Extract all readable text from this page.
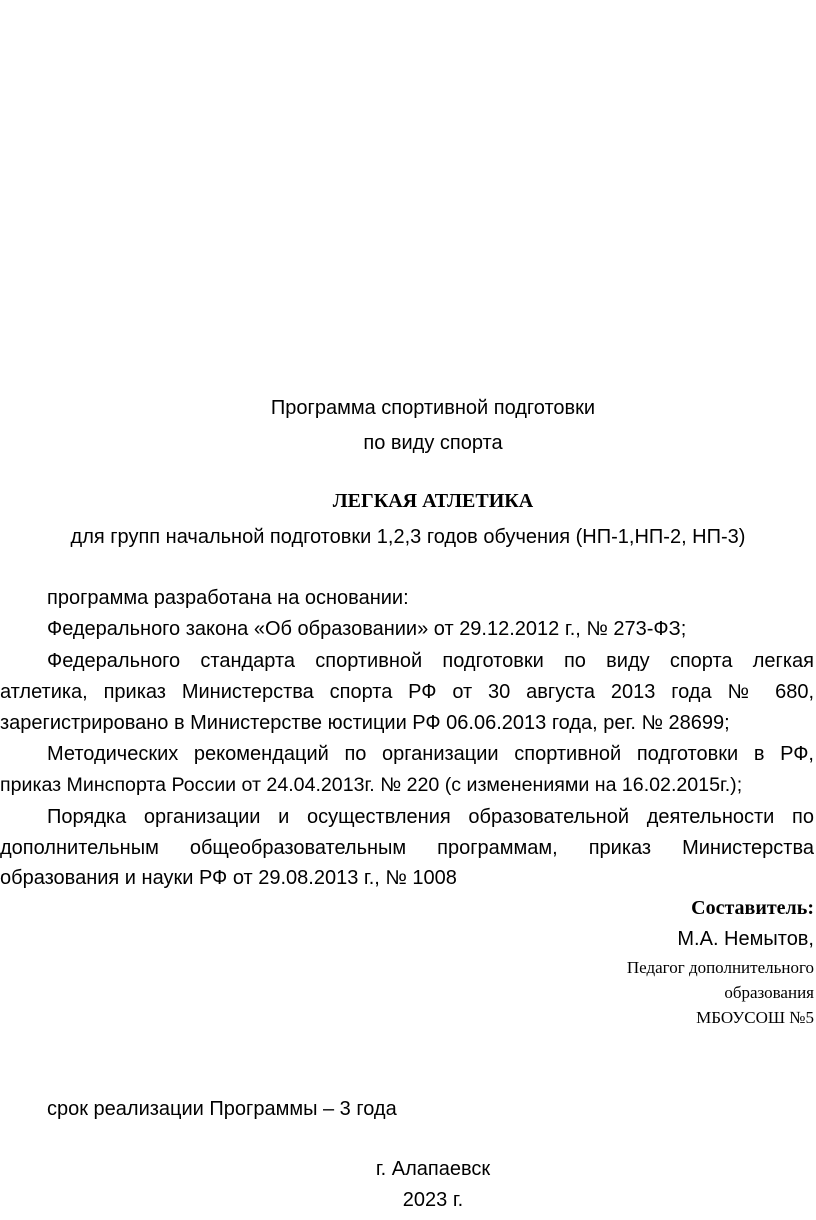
Программа спортивной подготовки
по виду спорта
ЛЕГКАЯ АТЛЕТИКА
для групп начальной подготовки 1,2,3 годов обучения (НП-1,НП-2, НП-3)
программа разработана на основании:
Федерального закона «Об образовании» от 29.12.2012 г., № 273-ФЗ;
Федерального стандарта спортивной подготовки по виду спорта легкая
атлетика, приказ Министерства спорта РФ от 30 августа 2013 года № 680,
зарегистрировано в Министерстве юстиции РФ 06.06.2013 года, рег. № 28699;
Методических рекомендаций по организации спортивной подготовки в РФ,
приказ Минспорта России от 24.04.2013г. № 220 (с изменениями на 16.02.2015г.);
Порядка организации и осуществления образовательной деятельности по
дополнительным общеобразовательным программам, приказ Министерства
образования и науки РФ от 29.08.2013 г., № 1008
Составитель:
М.А. Немытов,
Педагог дополнительного
образования
МБОУСОШ №5
срок реализации Программы – 3 года
г. Алапаевск
2023 г.
